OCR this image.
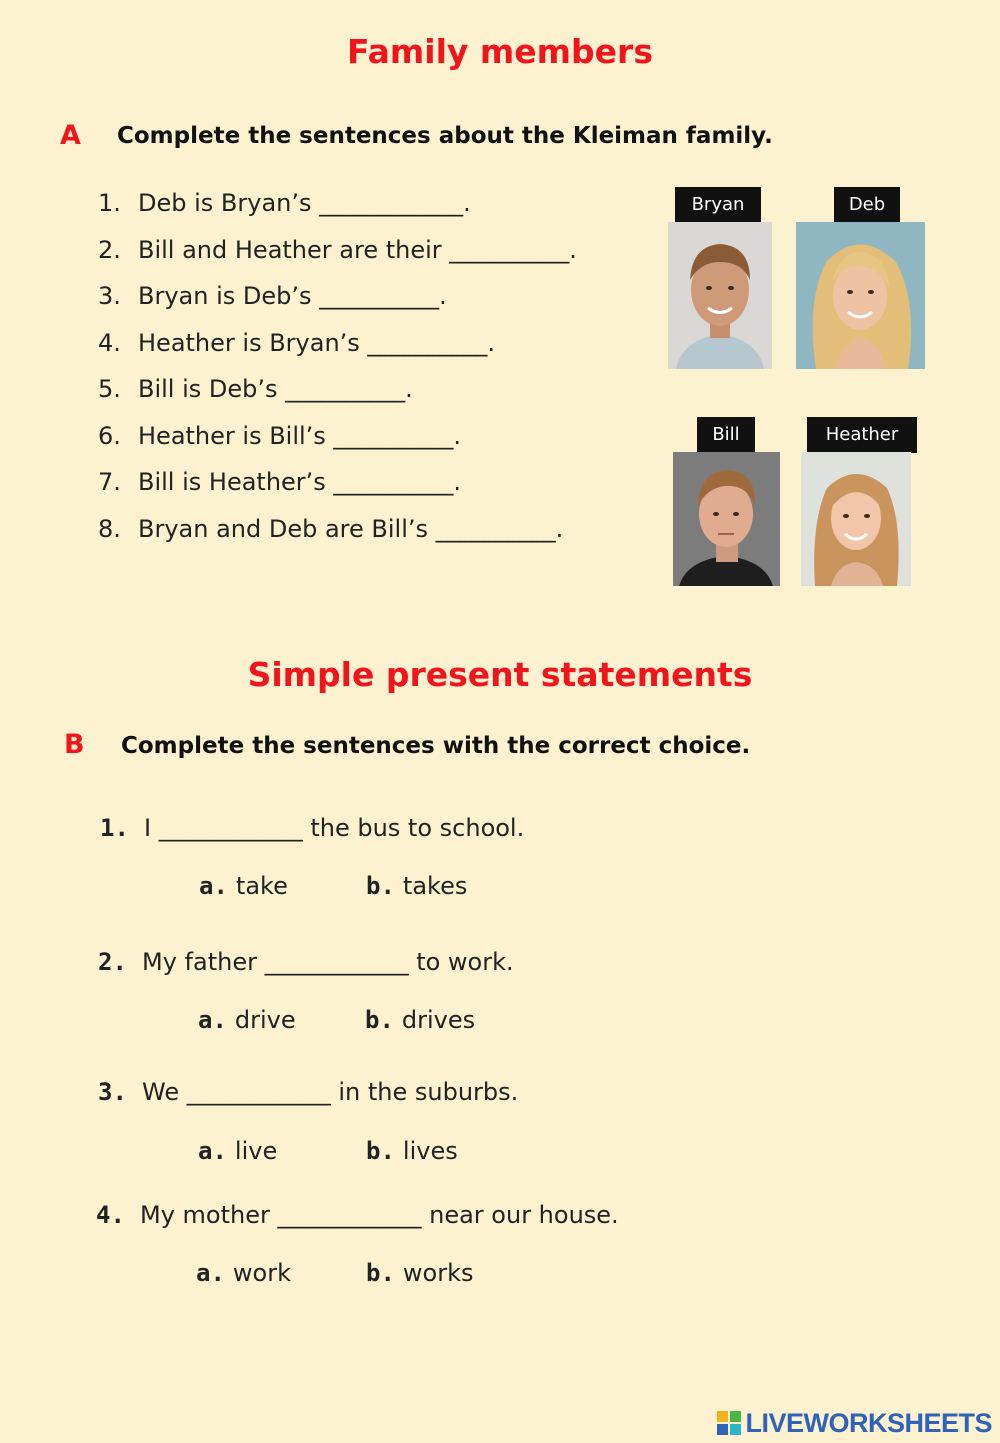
Family members
A Complete the sentences about the Kleiman family.
1. Deb is Bryan’s ____________.
2. Bill and Heather are their __________.
3. Bryan is Deb’s __________.
4. Heather is Bryan’s __________.
5. Bill is Deb’s __________.
6. Heather is Bill’s __________.
7. Bill is Heather’s __________.
8. Bryan and Deb are Bill’s __________.
Bryan	Deb
Bill	Heather
Simple present statements
B Complete the sentences with the correct choice.
1. I ____________ the bus to school.
a. take	b. takes
2. My father ____________ to work.
a. drive	b. drives
3. We ____________ in the suburbs.
a. live	b. lives
4. My mother ____________ near our house.
a. work	b. works
LIVEWORKSHEETS
